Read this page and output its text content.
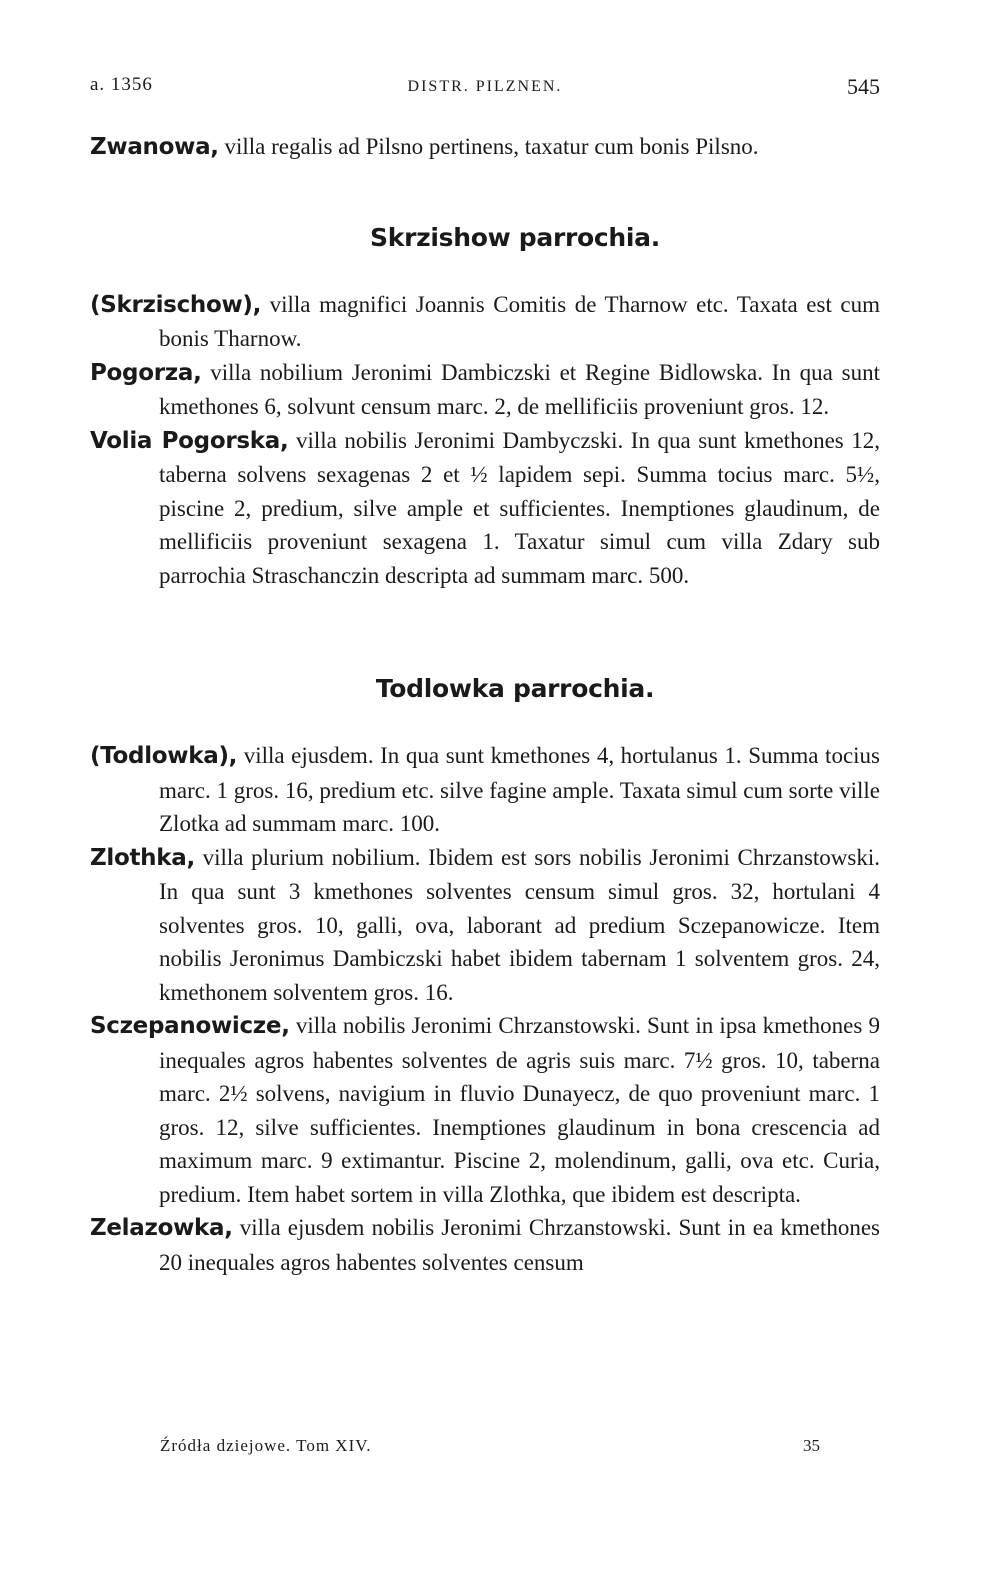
a. 1356	DISTR. PILZNEN.	545

Zwanowa, villa regalis ad Pilsno pertinens, taxatur cum bonis Pilsno.

Skrzishow parrochia.

(Skrzischow), villa magnifici Joannis Comitis de Tharnow etc. Taxata est cum bonis Tharnow.

Pogorza, villa nobilium Jeronimi Dambiczski et Regine Bidlowska. In qua sunt kmethones 6, solvunt censum marc. 2, de mellificiis proveniunt gros. 12.

Volia Pogorska, villa nobilis Jeronimi Dambyczski. In qua sunt kmethones 12, taberna solvens sexagenas 2 et ½ lapidem sepi. Summa tocius marc. 5½, piscine 2, predium, silve ample et sufficientes. Inemptiones glaudinum, de mellificiis proveniunt sexagena 1. Taxatur simul cum villa Zdary sub parrochia Straschanczin descripta ad summam marc. 500.

Todlowka parrochia.

(Todlowka), villa ejusdem. In qua sunt kmethones 4, hortulanus 1. Summa tocius marc. 1 gros. 16, predium etc. silve fagine ample. Taxata simul cum sorte ville Zlotka ad summam marc. 100.

Zlothka, villa plurium nobilium. Ibidem est sors nobilis Jeronimi Chrzanstowski. In qua sunt 3 kmethones solventes censum simul gros. 32, hortulani 4 solventes gros. 10, galli, ova, laborant ad predium Sczepanowicze. Item nobilis Jeronimus Dambiczski habet ibidem tabernam 1 solventem gros. 24, kmethonem solventem gros. 16.

Sczepanowicze, villa nobilis Jeronimi Chrzanstowski. Sunt in ipsa kmethones 9 inequales agros habentes solventes de agris suis marc. 7½ gros. 10, taberna marc. 2½ solvens, navigium in fluvio Dunayecz, de quo proveniunt marc. 1 gros. 12, silve sufficientes. Inemptiones glaudinum in bona crescencia ad maximum marc. 9 extimantur. Piscine 2, molendinum, galli, ova etc. Curia, predium. Item habet sortem in villa Zlothka, que ibidem est descripta.

Zelazowka, villa ejusdem nobilis Jeronimi Chrzanstowski. Sunt in ea kmethones 20 inequales agros habentes solventes censum

Źródła dziejowe. Tom XIV.	35
